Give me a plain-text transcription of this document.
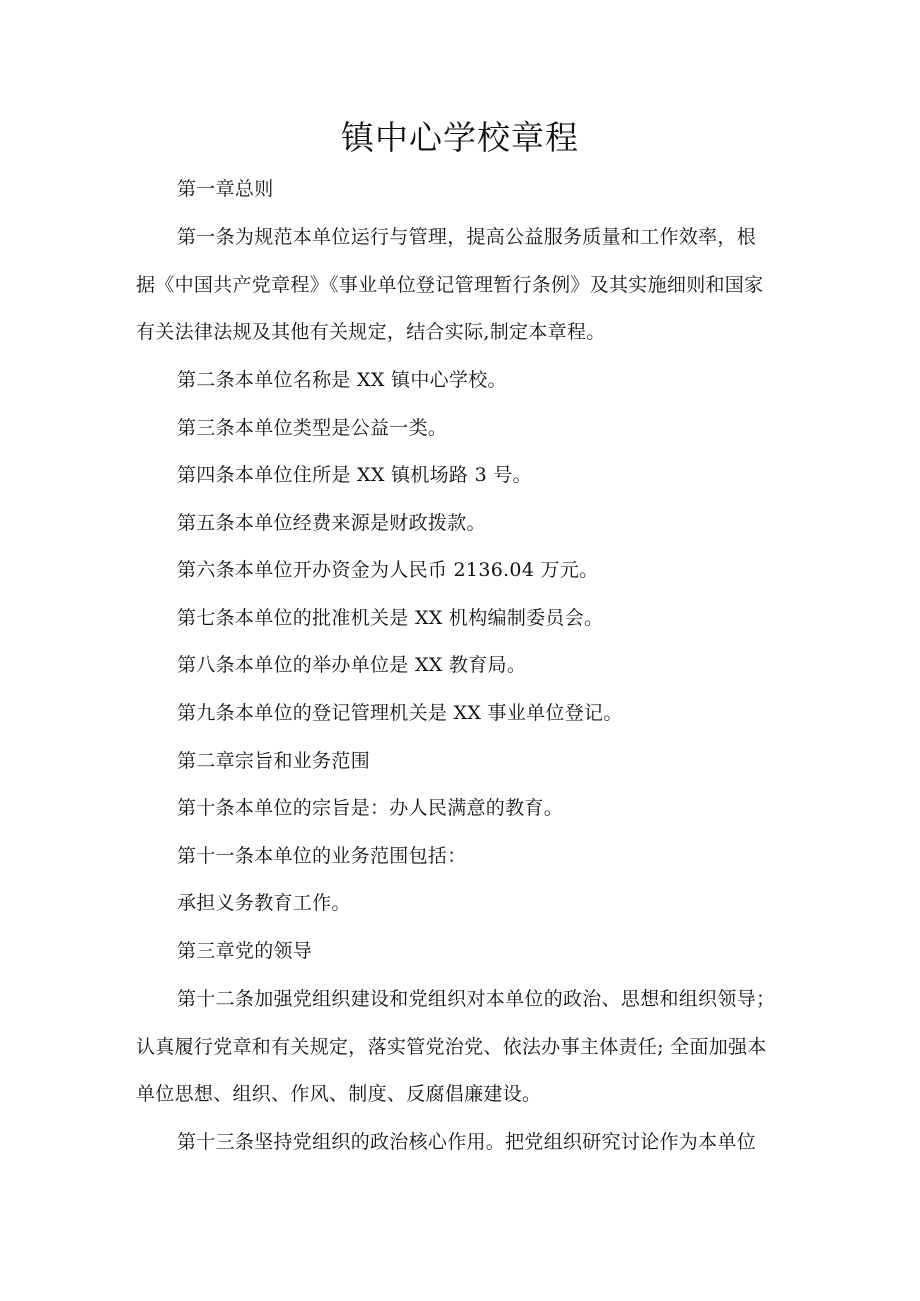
镇中心学校章程
第一章总则
第一条为规范本单位运行与管理，提高公益服务质量和工作效率，根
据《中国共产党章程》《事业单位登记管理暂行条例》及其实施细则和国家
有关法律法规及其他有关规定，结合实际,制定本章程。
第二条本单位名称是 XX 镇中心学校。
第三条本单位类型是公益一类。
第四条本单位住所是 XX 镇机场路 3 号。
第五条本单位经费来源是财政拨款。
第六条本单位开办资金为人民币 2136.04 万元。
第七条本单位的批准机关是 XX 机构编制委员会。
第八条本单位的举办单位是 XX 教育局。
第九条本单位的登记管理机关是 XX 事业单位登记。
第二章宗旨和业务范围
第十条本单位的宗旨是：办人民满意的教育。
第十一条本单位的业务范围包括：
承担义务教育工作。
第三章党的领导
第十二条加强党组织建设和党组织对本单位的政治、思想和组织领导；
认真履行党章和有关规定，落实管党治党、依法办事主体责任; 全面加强本
单位思想、组织、作风、制度、反腐倡廉建设。
第十三条坚持党组织的政治核心作用。把党组织研究讨论作为本单位
